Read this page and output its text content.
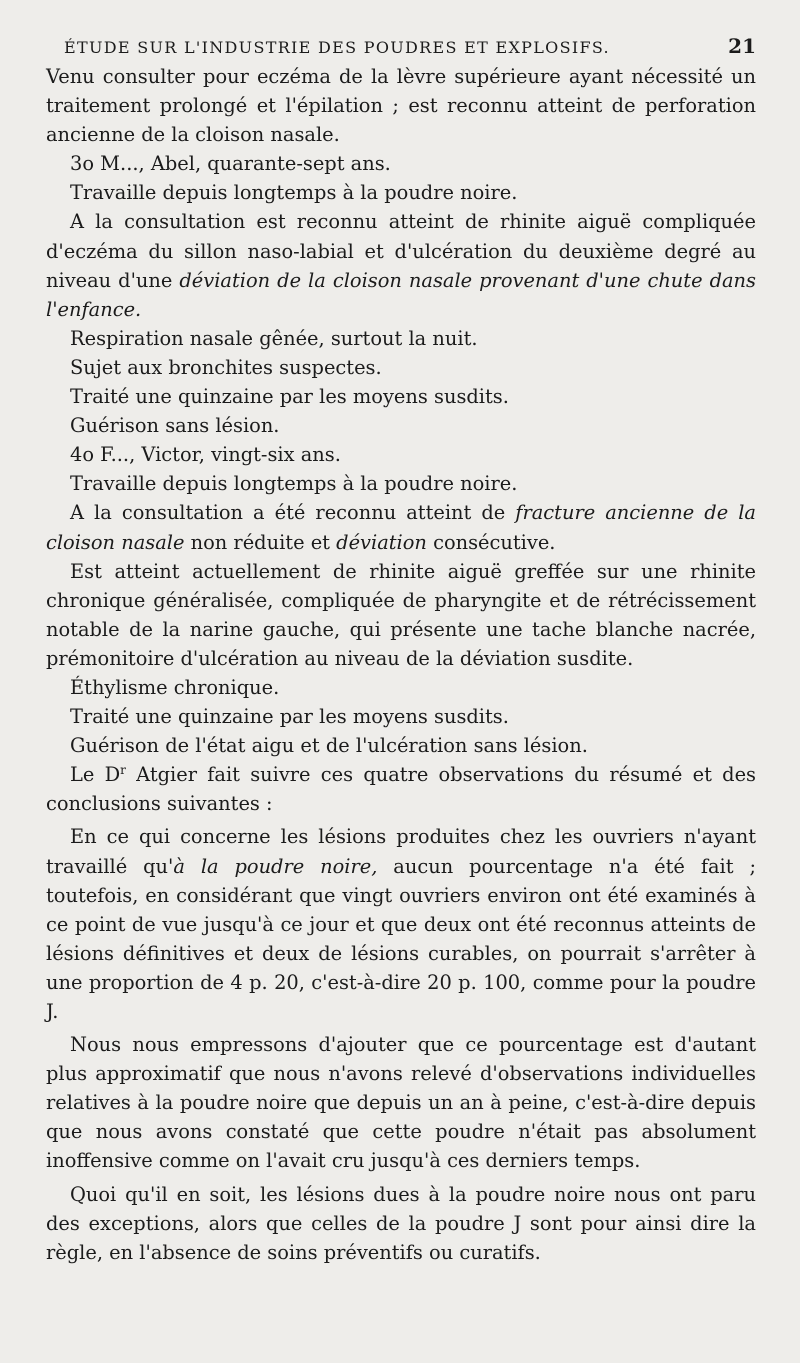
ÉTUDE SUR L'INDUSTRIE DES POUDRES ET EXPLOSIFS.	21

Venu consulter pour eczéma de la lèvre supérieure ayant nécessité un traitement prolongé et l'épilation ; est reconnu atteint de perforation ancienne de la cloison nasale.

3o M..., Abel, quarante-sept ans.

Travaille depuis longtemps à la poudre noire.

A la consultation est reconnu atteint de rhinite aiguë compliquée d'eczéma du sillon naso-labial et d'ulcération du deuxième degré au niveau d'une déviation de la cloison nasale provenant d'une chute dans l'enfance.

Respiration nasale gênée, surtout la nuit.

Sujet aux bronchites suspectes.

Traité une quinzaine par les moyens susdits.

Guérison sans lésion.

4o F..., Victor, vingt-six ans.

Travaille depuis longtemps à la poudre noire.

A la consultation a été reconnu atteint de fracture ancienne de la cloison nasale non réduite et déviation consécutive.

Est atteint actuellement de rhinite aiguë greffée sur une rhinite chronique généralisée, compliquée de pharyngite et de rétrécissement notable de la narine gauche, qui présente une tache blanche nacrée, prémonitoire d'ulcération au niveau de la déviation susdite.

Éthylisme chronique.

Traité une quinzaine par les moyens susdits.

Guérison de l'état aigu et de l'ulcération sans lésion.

Le $D^r$ Atgier fait suivre ces quatre observations du résumé et des conclusions suivantes :

En ce qui concerne les lésions produites chez les ouvriers n'ayant travaillé qu'à la poudre noire, aucun pourcentage n'a été fait ; toutefois, en considérant que vingt ouvriers environ ont été examinés à ce point de vue jusqu'à ce jour et que deux ont été reconnus atteints de lésions définitives et deux de lésions curables, on pourrait s'arrêter à une proportion de 4 p. 20, c'est-à-dire 20 p. 100, comme pour la poudre J.

Nous nous empressons d'ajouter que ce pourcentage est d'autant plus approximatif que nous n'avons relevé d'observations individuelles relatives à la poudre noire que depuis un an à peine, c'est-à-dire depuis que nous avons constaté que cette poudre n'était pas absolument inoffensive comme on l'avait cru jusqu'à ces derniers temps.

Quoi qu'il en soit, les lésions dues à la poudre noire nous ont paru des exceptions, alors que celles de la poudre J sont pour ainsi dire la règle, en l'absence de soins préventifs ou curatifs.
